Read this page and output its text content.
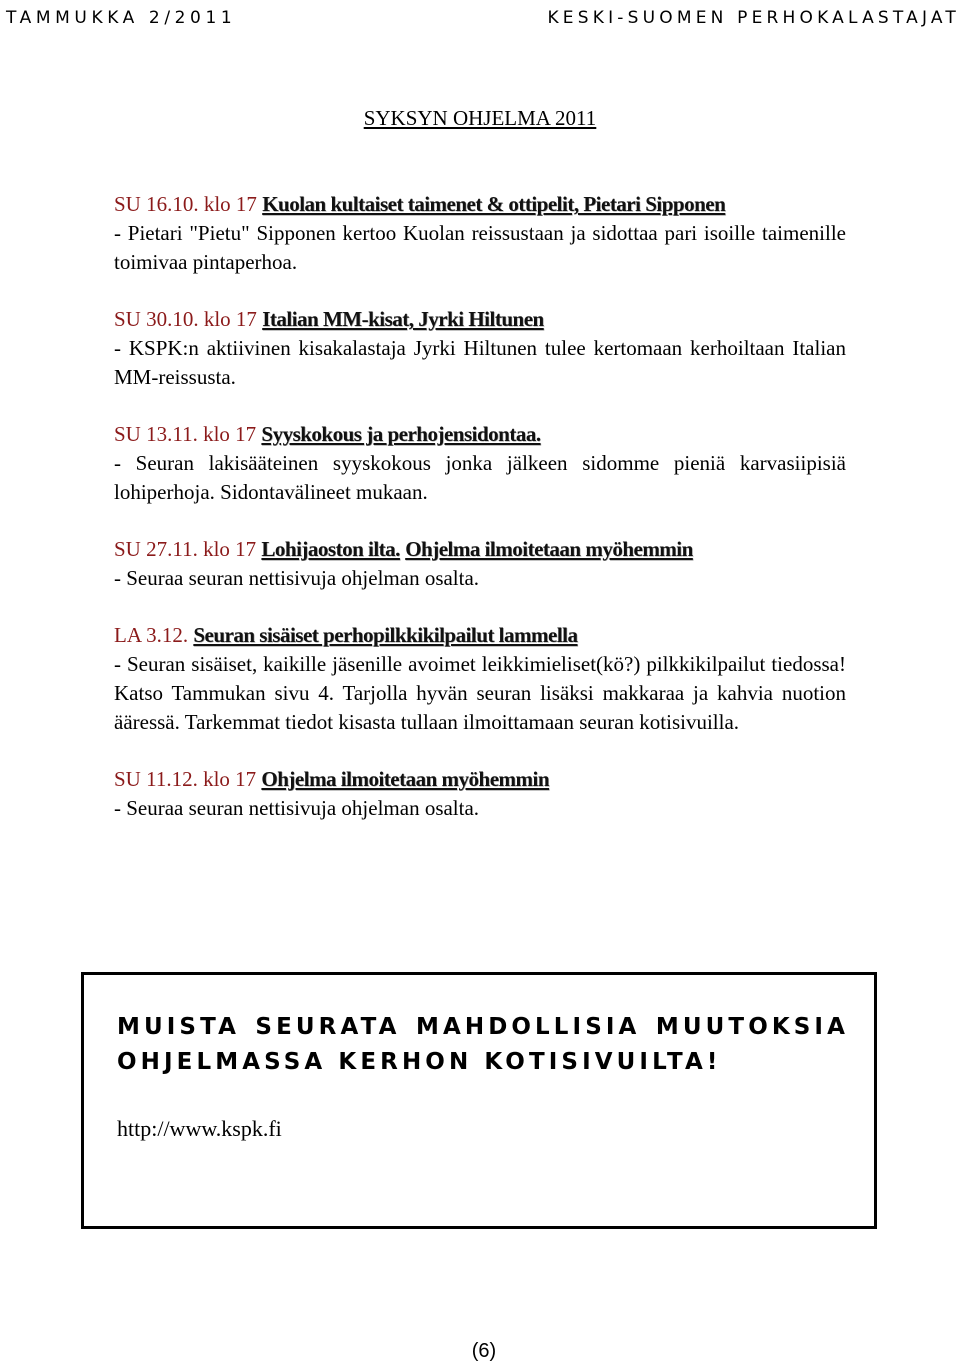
TAMMUKKA 2/2011	KESKI-SUOMEN PERHOKALASTAJAT
SYKSYN OHJELMA 2011
SU 16.10. klo 17 Kuolan kultaiset taimenet & ottipelit, Pietari Sipponen
- Pietari "Pietu" Sipponen kertoo Kuolan reissustaan ja sidottaa pari isoille taimenille toimivaa pintaperhoa.
SU 30.10. klo 17 Italian MM-kisat, Jyrki Hiltunen
- KSPK:n aktiivinen kisakalastaja Jyrki Hiltunen tulee kertomaan kerhoiltaan Italian MM-reissusta.
SU 13.11. klo 17 Syyskokous ja perhojensidontaa.
- Seuran lakisääteinen syyskokous jonka jälkeen sidomme pieniä karvasiipisiä lohiperhoja. Sidontavälineet mukaan.
SU 27.11. klo 17 Lohijaoston ilta. Ohjelma ilmoitetaan myöhemmin
- Seuraa seuran nettisivuja ohjelman osalta.
LA 3.12. Seuran sisäiset perhopilkkikilpailut lammella
- Seuran sisäiset, kaikille jäsenille avoimet leikkimieliset(kö?) pilkkikilpailut tiedossa! Katso Tammukan sivu 4. Tarjolla hyvän seuran lisäksi makkaraa ja kahvia nuotion ääressä. Tarkemmat tiedot kisasta tullaan ilmoittamaan seuran kotisivuilla.
SU 11.12. klo 17 Ohjelma ilmoitetaan myöhemmin
- Seuraa seuran nettisivuja ohjelman osalta.
MUISTA SEURATA MAHDOLLISIA MUUTOKSIA OHJELMASSA KERHON KOTISIVUILTA!
http://www.kspk.fi
(6)
